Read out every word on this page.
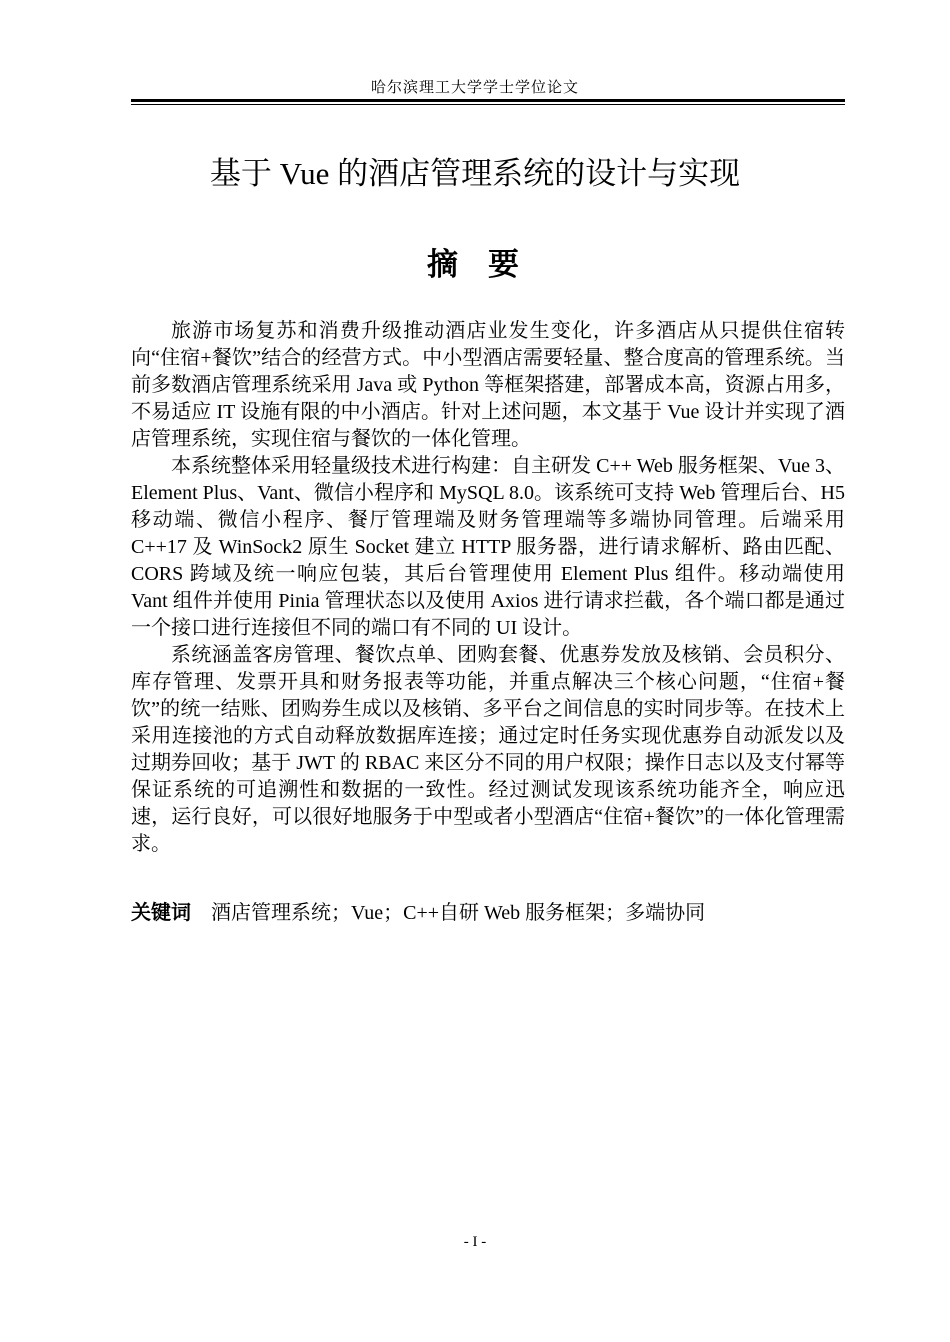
哈尔滨理工大学学士学位论文
基于 Vue 的酒店管理系统的设计与实现
摘要

旅游市场复苏和消费升级推动酒店业发生变化，许多酒店从只提供住宿转向“住宿+餐饮”结合的经营方式。中小型酒店需要轻量、整合度高的管理系统。当前多数酒店管理系统采用 Java 或 Python 等框架搭建，部署成本高，资源占用多，不易适应 IT 设施有限的中小酒店。针对上述问题，本文基于 Vue 设计并实现了酒店管理系统，实现住宿与餐饮的一体化管理。

本系统整体采用轻量级技术进行构建：自主研发 C++ Web 服务框架、Vue 3、Element Plus、Vant、微信小程序和 MySQL 8.0。该系统可支持 Web 管理后台、H5 移动端、微信小程序、餐厅管理端及财务管理端等多端协同管理。后端采用 C++17 及 WinSock2 原生 Socket 建立 HTTP 服务器，进行请求解析、路由匹配、CORS 跨域及统一响应包装，其后台管理使用 Element Plus 组件。移动端使用 Vant 组件并使用 Pinia 管理状态以及使用 Axios 进行请求拦截，各个端口都是通过一个接口进行连接但不同的端口有不同的 UI 设计。

系统涵盖客房管理、餐饮点单、团购套餐、优惠券发放及核销、会员积分、库存管理、发票开具和财务报表等功能，并重点解决三个核心问题，“住宿+餐饮”的统一结账、团购券生成以及核销、多平台之间信息的实时同步等。在技术上采用连接池的方式自动释放数据库连接；通过定时任务实现优惠券自动派发以及过期券回收；基于 JWT 的 RBAC 来区分不同的用户权限；操作日志以及支付幂等保证系统的可追溯性和数据的一致性。经过测试发现该系统功能齐全，响应迅速，运行良好，可以很好地服务于中型或者小型酒店“住宿+餐饮”的一体化管理需求。

关键词 酒店管理系统；Vue；C++自研 Web 服务框架；多端协同
- I -
